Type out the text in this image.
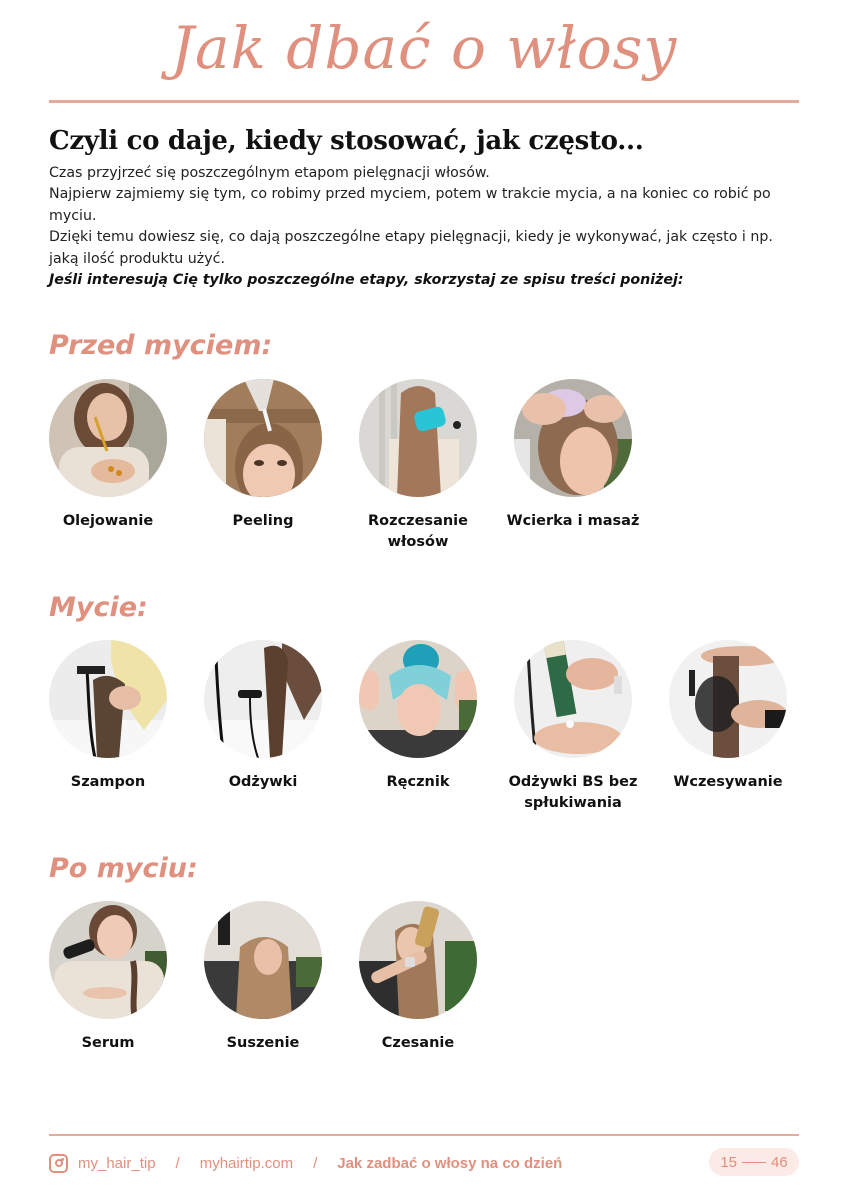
Jak dbać o włosy
Czyli co daje, kiedy stosować, jak często...

Czas przyjrzeć się poszczególnym etapom pielęgnacji włosów.

Najpierw zajmiemy się tym, co robimy przed myciem, potem w trakcie mycia, a na koniec co robić po myciu.

Dzięki temu dowiesz się, co dają poszczególne etapy pielęgnacji, kiedy je wykonywać, jak często i np. jaką ilość produktu użyć.

Jeśli interesują Cię tylko poszczególne etapy, skorzystaj ze spisu treści poniżej:

Przed myciem:
Olejowanie	Peeling	Rozczesanie włosów
Wcierka i masaż
Mycie:
Szampon	Odżywki	Ręcznik	Odżywki BS bez spłukiwania
Wczesywanie
Po myciu:
Serum	Suszenie	Czesanie
my_hair_tip / myhairtip.com / Jak zadbać o włosy na co dzień	15 46
